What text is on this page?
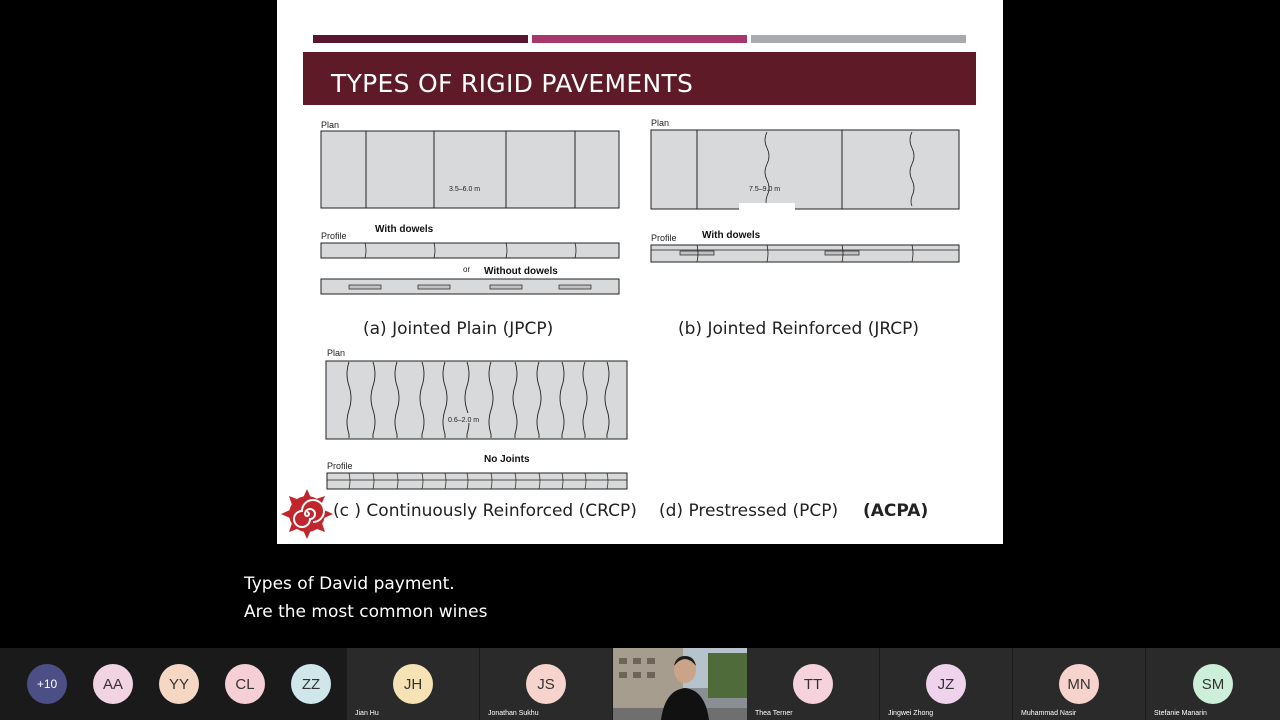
TYPES OF RIGID PAVEMENTS
Plan
3.5–6.0 m
Profile
With dowels
or Without dowels
Plan
7.5–9.0 m
Profile	With dowels
Plan
0.6–2.0 m
Profile
No Joints
(a) Jointed Plain (JPCP)	(b) Jointed Reinforced (JRCP)
(c ) Continuously Reinforced (CRCP) (d) Prestressed (PCP) (ACPA)
Types of David payment.
Are the most common wines
+10	AA	YY	CL	ZZ	JH
Jian Hu
JS
Jonathan Sukhu
TT
Thea Terner
JZ
Jingwei Zhong
MN
Muhammad Nasir
SM
Stefanie Manarin
